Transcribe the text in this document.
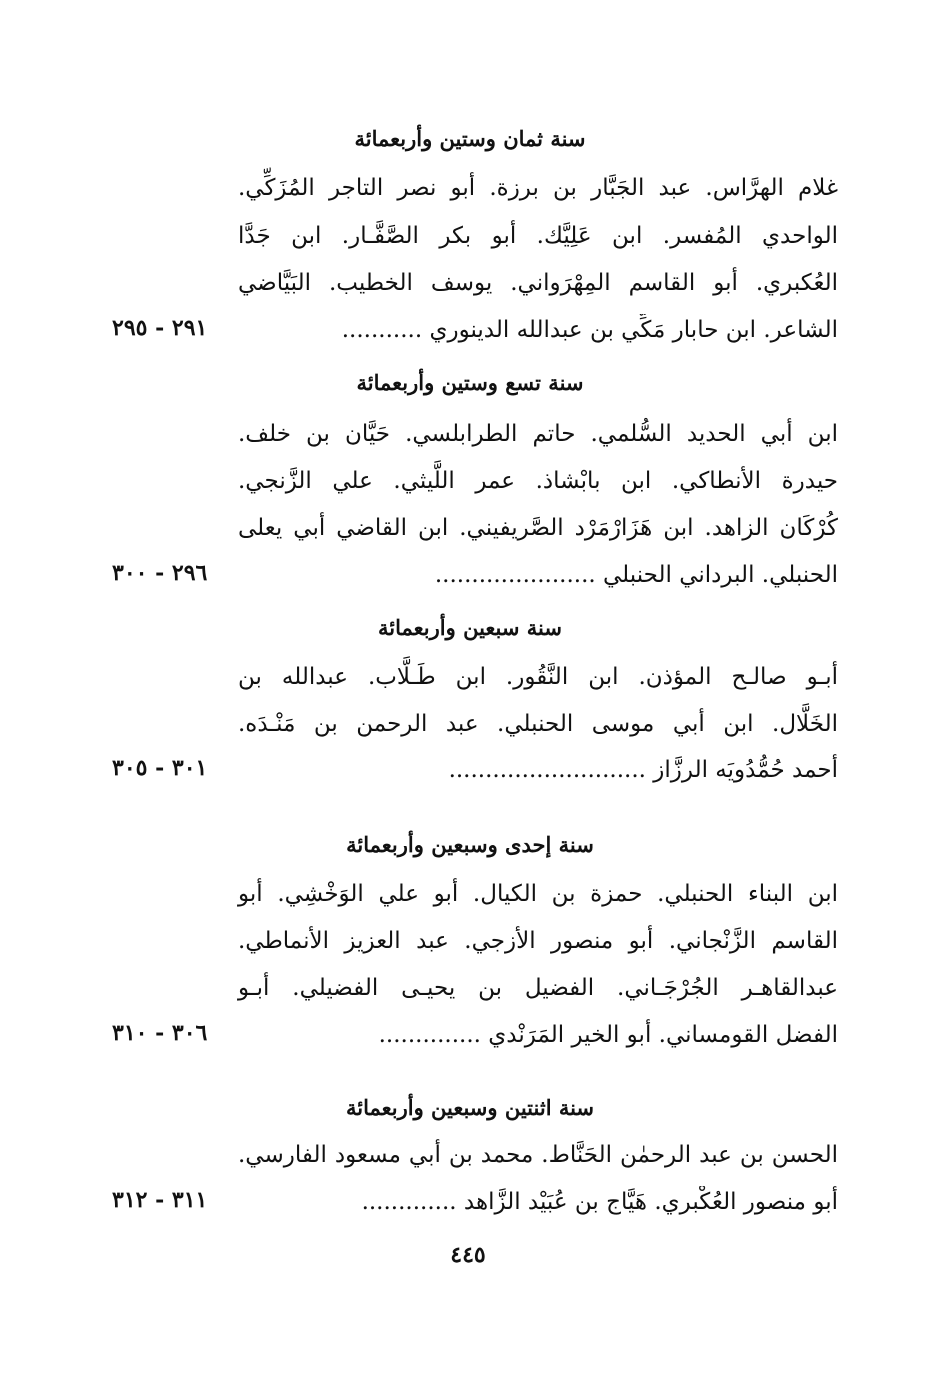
سنة ثمان وستين وأربعمائة
غلام الهرَّاس. عبد الجَبَّار بن برزة. أبو نصر التاجر المُزَكِّي.
الواحدي المُفسر. ابن عَلِيَّك. أبو بكر الصَّفَّـار. ابن جَدَّا
العُكبري. أبو القاسم المِهْرَواني. يوسف الخطيب. البَيَّاضي
الشاعر. ابن حابار مَكِّي بن عبدالله الدينوري ...........
٢٩١ - ٢٩٥
سنة تسع وستين وأربعمائة
ابن أبي الحديد السُّلمي. حاتم الطرابلسي. حَيَّان بن خلف.
حيدرة الأنطاكي. ابن بابْشاذ. عمر اللَّيثي. علي الزَّنجي.
كُرْكَان الزاهد. ابن هَزَارْمَرْد الصَّريفيني. ابن القاضي أبي يعلى
الحنبلي. البرداني الحنبلي ......................
٢٩٦ - ٣٠٠
سنة سبعين وأربعمائة
أبـو صالـح المؤذن. ابن النَّقُور. ابن طَـلَّاب. عبدالله بن
الخَلَّال. ابن أبي موسى الحنبلي. عبد الرحمن بن مَنْـدَه.
أحمد حُمُّدُويَه الرزَّاز ...........................
٣٠١ - ٣٠٥
سنة إحدى وسبعين وأربعمائة
ابن البناء الحنبلي. حمزة بن الكيال. أبو علي الوَخْشِي. أبو
القاسم الزَّنْجاني. أبو منصور الأزجي. عبد العزيز الأنماطي.
عبدالقاهـر الجُرْجَـاني. الفضيل بن يحيـى الفضيلي. أبـو
الفضل القومساني. أبو الخير المَرَنْدي ..............
٣٠٦ - ٣١٠
سنة اثنتين وسبعين وأربعمائة
الحسن بن عبد الرحمٰن الحَنَّاط. محمد بن أبي مسعود الفارسي.
أبو منصور العُكْبري. هَيَّاج بن عُبَيْد الزَّاهد .............
٣١١ - ٣١٢
٤٤٥
